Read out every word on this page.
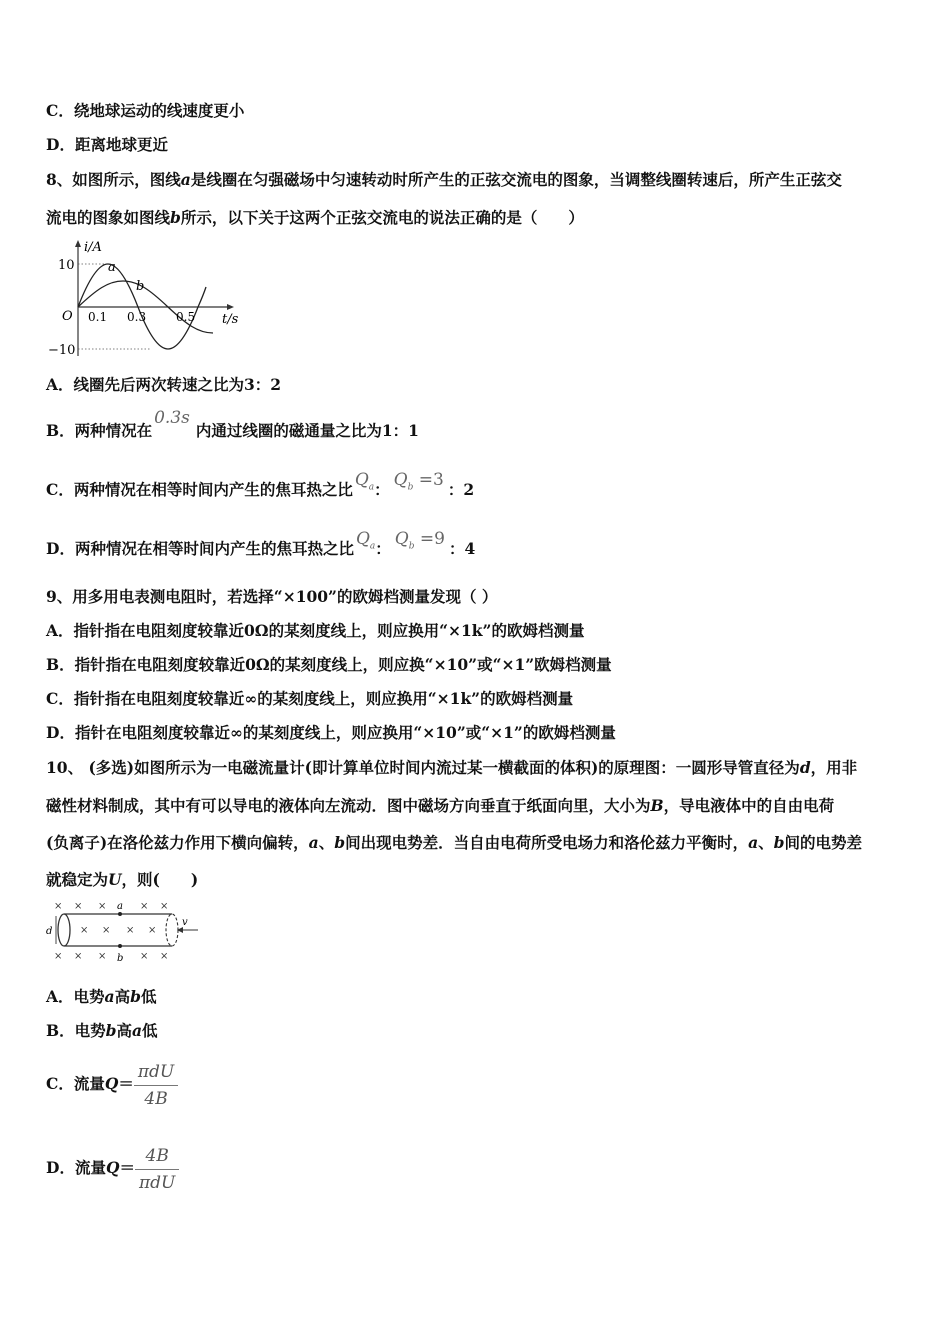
C．绕地球运动的线速度更小
D．距离地球更近
8、如图所示，图线a是线圈在匀强磁场中匀速转动时所产生的正弦交流电的图象，当调整线圈转速后，所产生正弦交
流电的图象如图线b所示，以下关于这两个正弦交流电的说法正确的是（　　）
i/A
10
−10
O 0.1 0.3 0.5 t/s
a
b
A．线圈先后两次转速之比为3：2
B．两种情况在0.3s内通过线圈的磁通量之比为1：1
C．两种情况在相等时间内产生的焦耳热之比 $Q_a$： $Q_b =3$ ：2
D．两种情况在相等时间内产生的焦耳热之比 $Q_a$： $Q_b =9$ ：4
9、用多用电表测电阻时，若选择“×100”的欧姆档测量发现（ ）
A．指针指在电阻刻度较靠近0Ω的某刻度线上，则应换用“×1k”的欧姆档测量
B．指针指在电阻刻度较靠近0Ω的某刻度线上，则应换“×10”或“×1”欧姆档测量
C．指针指在电阻刻度较靠近∞的某刻度线上，则应换用“×1k”的欧姆档测量
D．指针在电阻刻度较靠近∞的某刻度线上，则应换用“×10”或“×1”的欧姆档测量
10、 (多选)如图所示为一电磁流量计(即计算单位时间内流过某一横截面的体积)的原理图：一圆形导管直径为d，用非
磁性材料制成，其中有可以导电的液体向左流动．图中磁场方向垂直于纸面向里，大小为B，导电液体中的自由电荷
(负离子)在洛伦兹力作用下横向偏转，a、b间出现电势差．当自由电荷所受电场力和洛伦兹力平衡时，a、b间的电势差
就稳定为U，则(　　)
× × ×	× ×
× × × ×
× × ×	× ×
a
b
d
v
A．电势a高b低
B．电势b高a低
C．流量$Q= \frac{\text{πdU}}{4B}$
D．流量$Q= \frac{4B}{\text{πdU}}$
